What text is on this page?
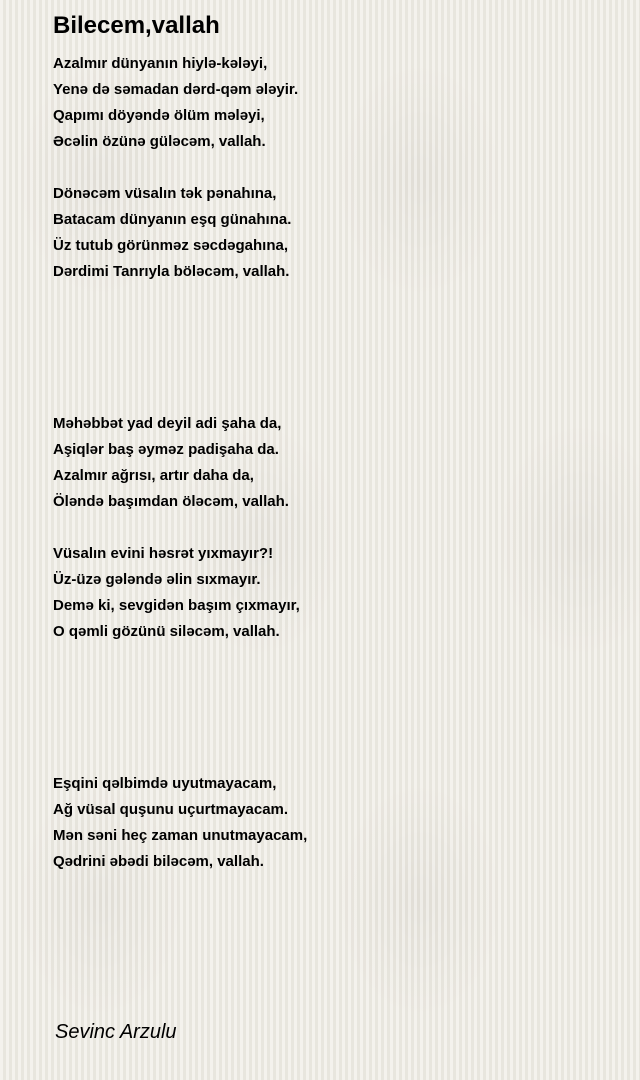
Bilecem,vallah
Azalmır dünyanın hiylə-kələyi,
Yenə də səmadan dərd-qəm ələyir.
Qapımı döyəndə ölüm mələyi,
Əcəlin özünə güləcəm, vallah.
Dönəcəm vüsalın tək pənahına,
Batacam dünyanın eşq günahına.
Üz tutub görünməz səcdəgahına,
Dərdimi Tanrıyla böləcəm, vallah.
Məhəbbət yad deyil adi şaha da,
Aşiqlər baş əyməz padişaha da.
Azalmır ağrısı, artır daha da,
Öləndə başımdan öləcəm, vallah.
Vüsalın evini həsrət yıxmayır?!
Üz-üzə gələndə əlin sıxmayır.
Demə ki, sevgidən başım çıxmayır,
O qəmli gözünü siləcəm, vallah.
Eşqini qəlbimdə uyutmayacam,
Ağ vüsal quşunu uçurtmayacam.
Mən səni heç zaman unutmayacam,
Qədrini əbədi biləcəm, vallah.

Sevinc Arzulu
